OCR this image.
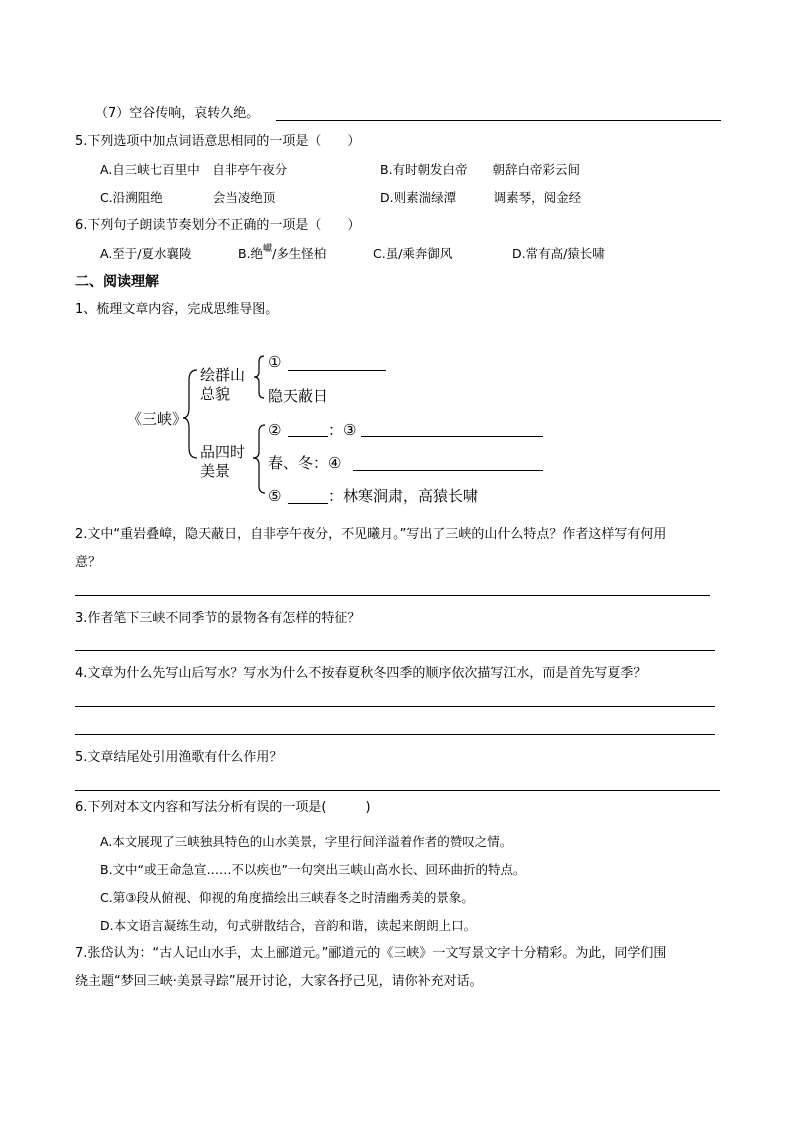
（7）空谷传响，哀转久绝。
5.下列选项中加点词语意思相同的一项是（　　）
A.自三峡七百里中　自非亭午夜分	B.有时朝发白帝　　朝辞白帝彩云间
C.沿溯阻绝　　　　会当凌绝顶	D.则素湍绿潭　　　调素琴，阅金经
6.下列句子朗读节奏划分不正确的一项是（　　）
A.至于/夏水襄陵	B.绝$^巘$/多生怪柏	C.虽/乘奔御风	D.常有高/猿长啸
二、阅读理解
1、梳理文章内容，完成思维导图。
《三峡》
绘群山
总貌
品四时
美景
①
隐天蔽日
②	：③
春、冬：④
⑤	：林寒涧肃，高猿长啸
2.文中“重岩叠嶂，隐天蔽日，自非亭午夜分，不见曦月。”写出了三峡的山什么特点？作者这样写有何用
意？
3.作者笔下三峡不同季节的景物各有怎样的特征？
4.文章为什么先写山后写水？写水为什么不按春夏秋冬四季的顺序依次描写江水，而是首先写夏季？
5.文章结尾处引用渔歌有什么作用？
6.下列对本文内容和写法分析有误的一项是(　　　)
A.本文展现了三峡独具特色的山水美景，字里行间洋溢着作者的赞叹之情。
B.文中“或王命急宣……不以疾也”一句突出三峡山高水长、回环曲折的特点。
C.第③段从俯视、仰视的角度描绘出三峡春冬之时清幽秀美的景象。
D.本文语言凝练生动，句式骈散结合，音韵和谐，读起来朗朗上口。
7.张岱认为：“古人记山水手，太上郦道元。”郦道元的《三峡》一文写景文字十分精彩。为此，同学们围
绕主题“梦回三峡·美景寻踪”展开讨论，大家各抒己见，请你补充对话。
